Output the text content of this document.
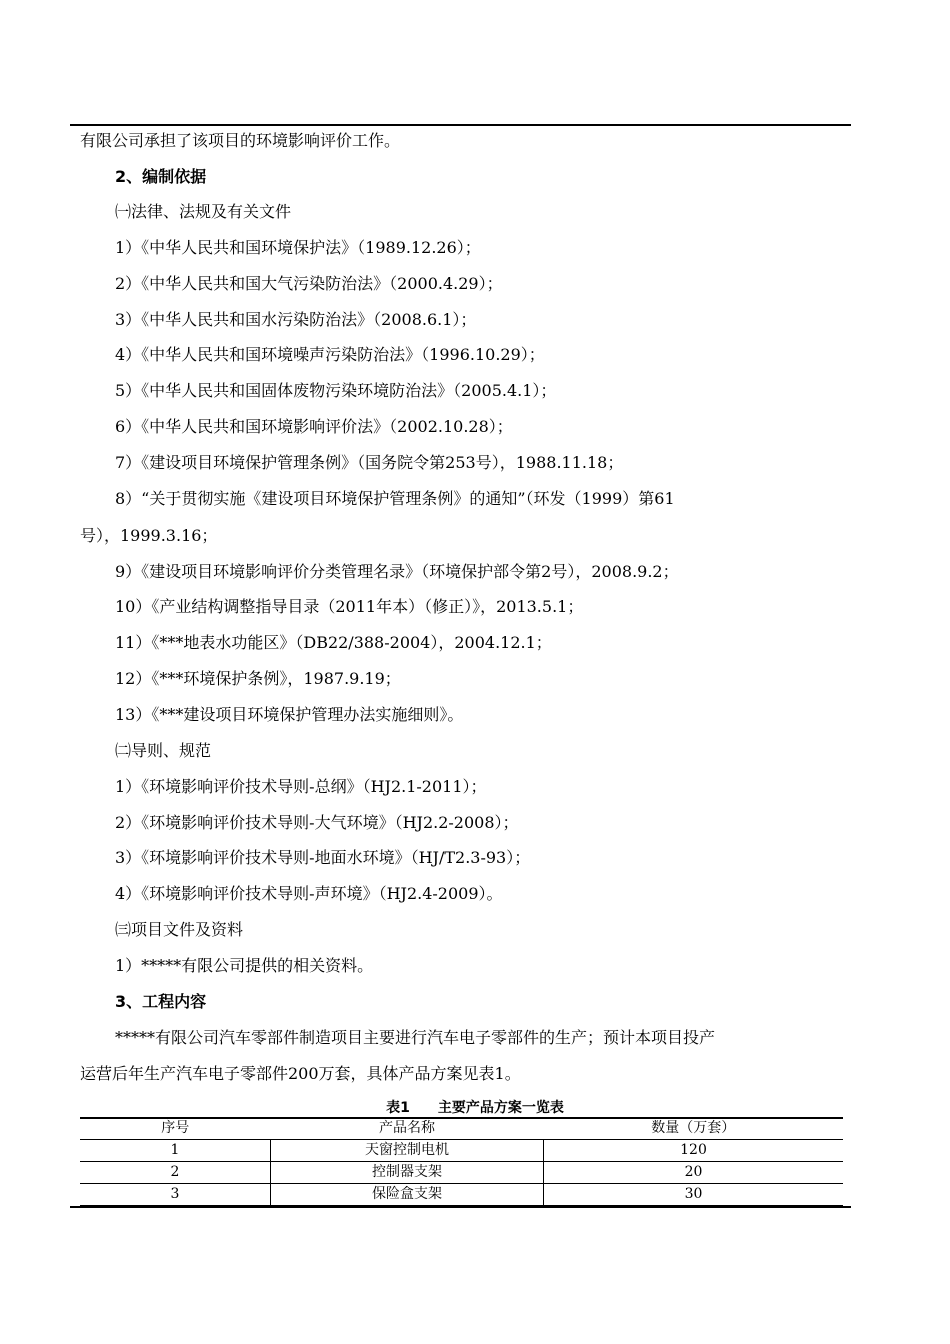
有限公司承担了该项目的环境影响评价工作。
2、编制依据
㈠法律、法规及有关文件
1）《中华人民共和国环境保护法》（1989.12.26）；
2）《中华人民共和国大气污染防治法》（2000.4.29）；
3）《中华人民共和国水污染防治法》（2008.6.1）；
4）《中华人民共和国环境噪声污染防治法》（1996.10.29）；
5）《中华人民共和国固体废物污染环境防治法》（2005.4.1）；
6）《中华人民共和国环境影响评价法》（2002.10.28）；
7）《建设项目环境保护管理条例》（国务院令第253号），1988.11.18；
8）“关于贯彻实施《建设项目环境保护管理条例》的通知”（环发（1999）第61
号），1999.3.16；
9）《建设项目环境影响评价分类管理名录》（环境保护部令第2号），2008.9.2；
10）《产业结构调整指导目录（2011年本）（修正）》，2013.5.1；
11）《***地表水功能区》（DB22/388-2004），2004.12.1；
12）《***环境保护条例》，1987.9.19；
13）《***建设项目环境保护管理办法实施细则》。
㈡导则、规范
1）《环境影响评价技术导则-总纲》（HJ2.1-2011）；
2）《环境影响评价技术导则-大气环境》（HJ2.2-2008）；
3）《环境影响评价技术导则-地面水环境》（HJ/T2.3-93）；
4）《环境影响评价技术导则-声环境》（HJ2.4-2009）。
㈢项目文件及资料
1）*****有限公司提供的相关资料。
3、工程内容
*****有限公司汽车零部件制造项目主要进行汽车电子零部件的生产；预计本项目投产
运营后年生产汽车电子零部件200万套，具体产品方案见表1。
表1　　主要产品方案一览表
序号	产品名称	数量（万套）
1	天窗控制电机	120
2	控制器支架	20
3	保险盒支架	30
